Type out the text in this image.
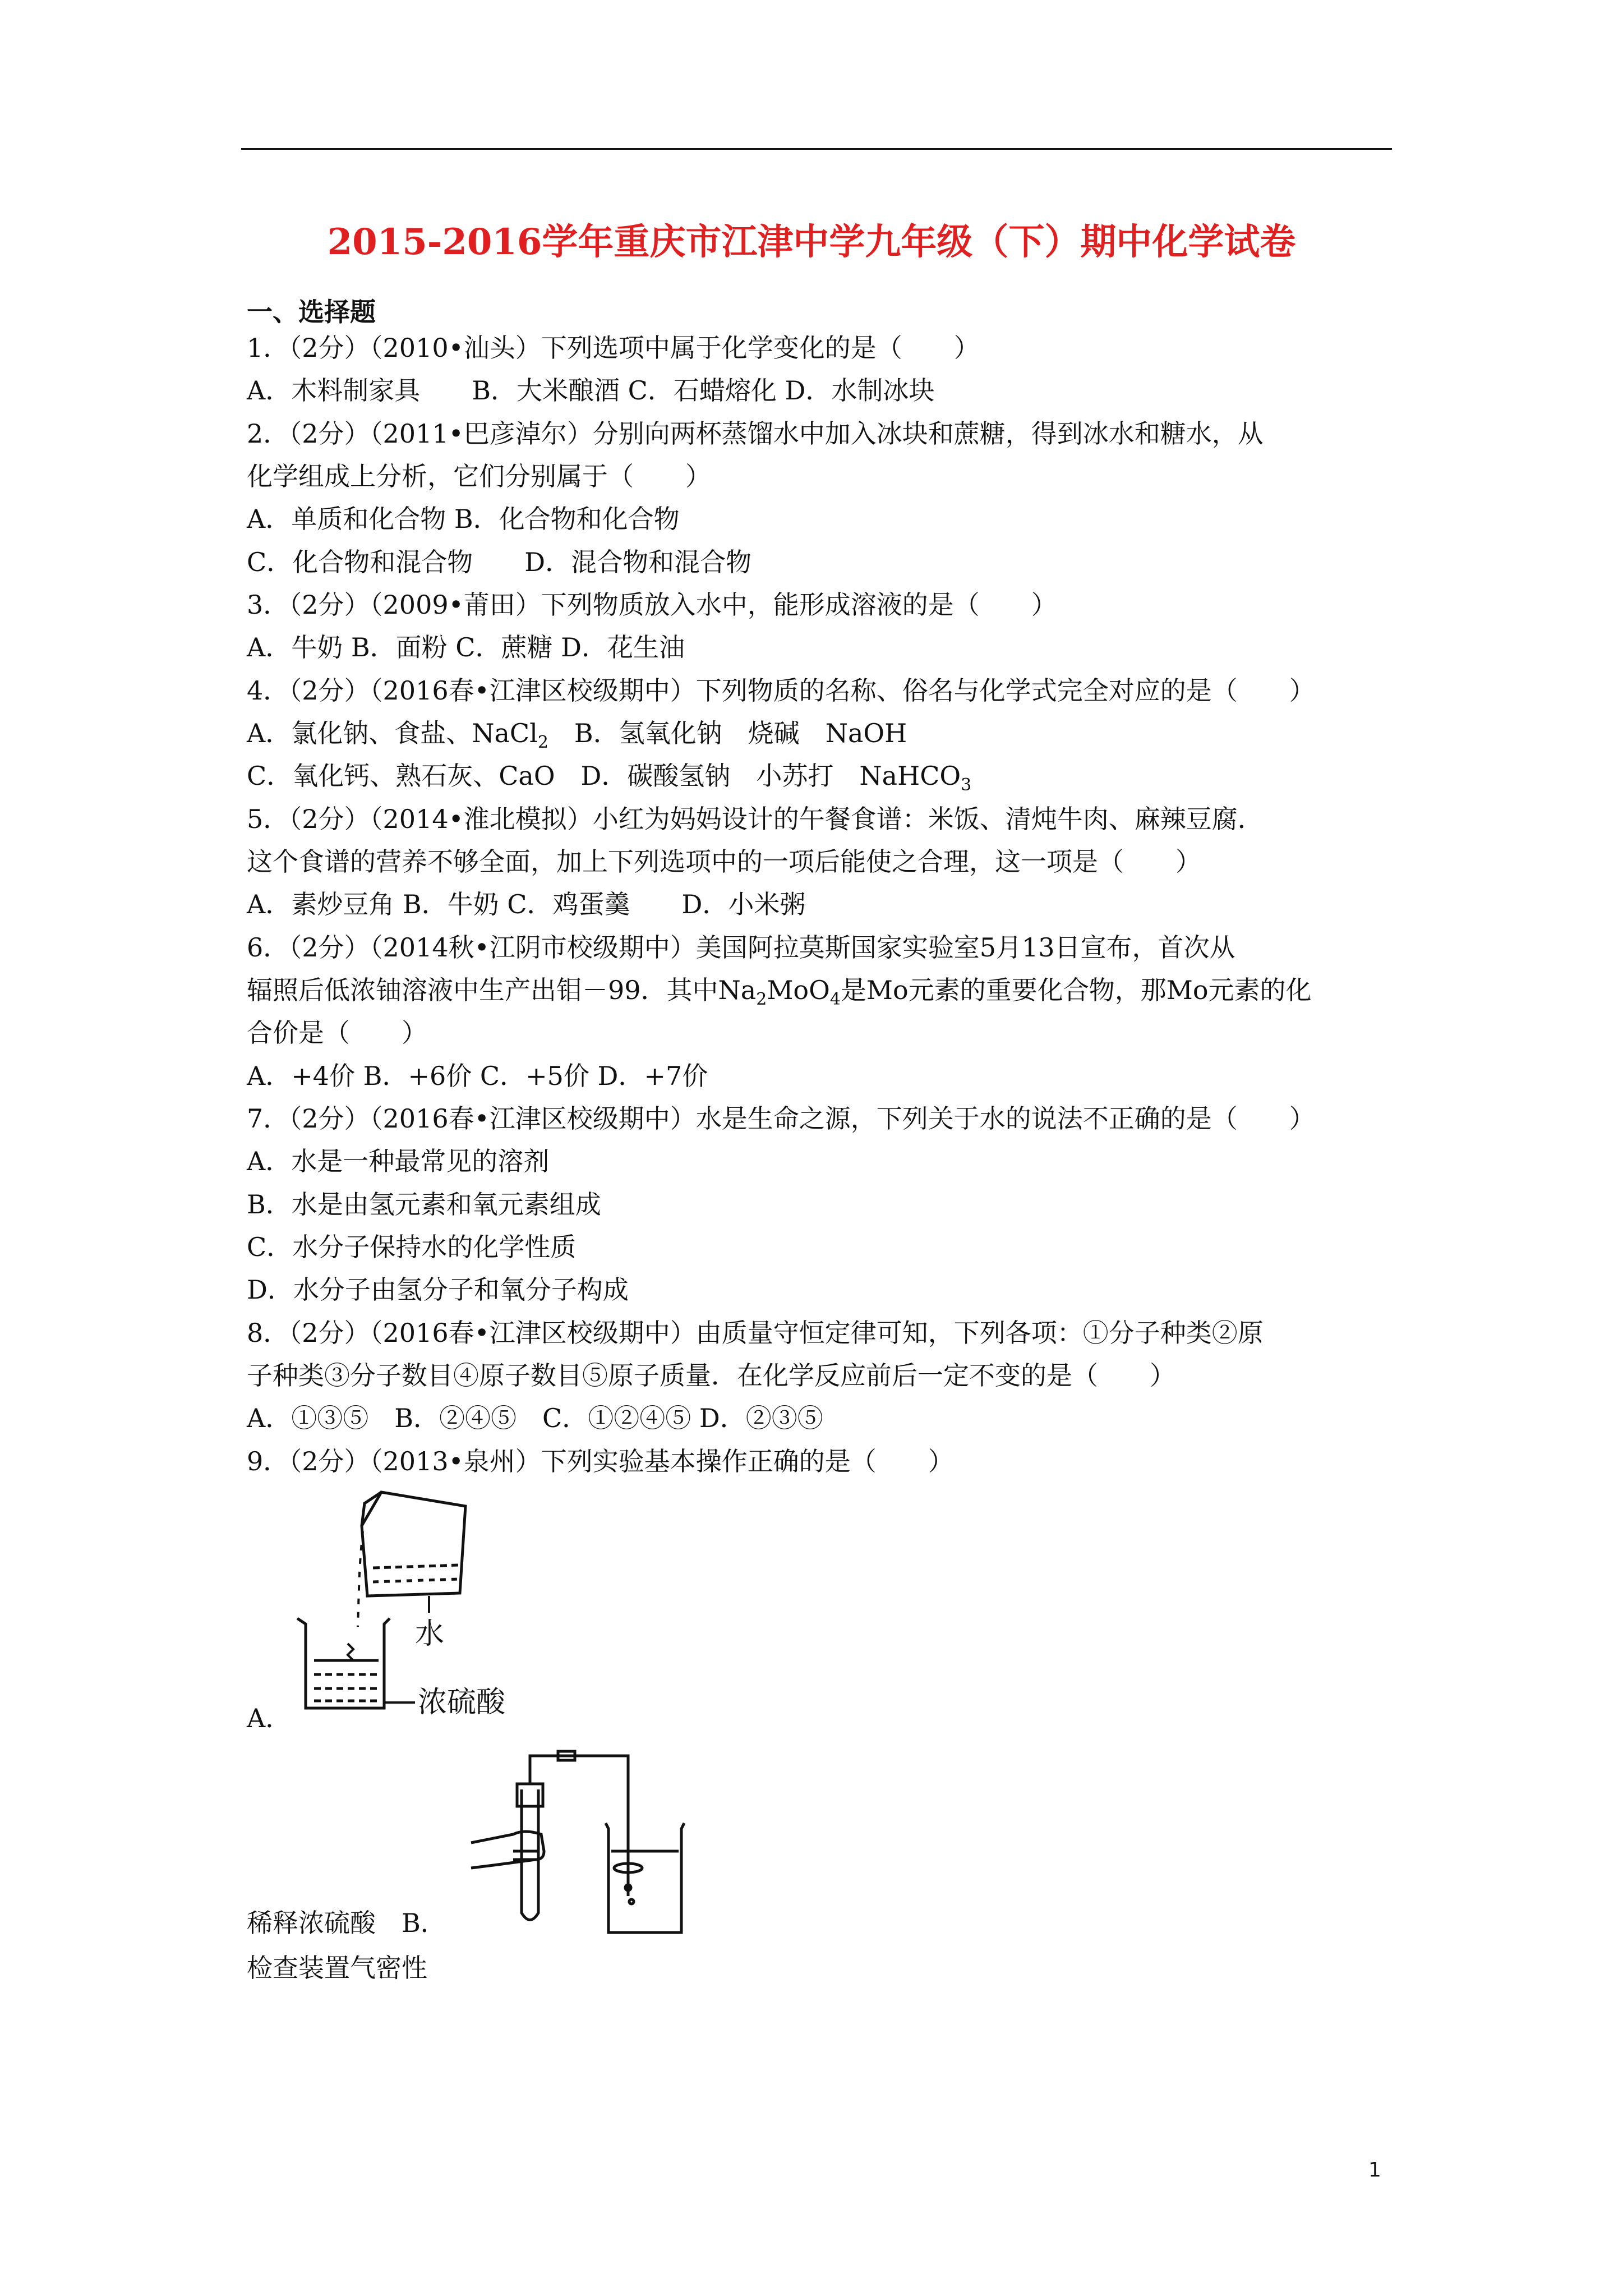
2015-2016学年重庆市江津中学九年级（下）期中化学试卷
一、选择题
1．（2分）（2010•汕头）下列选项中属于化学变化的是（　　）
A．木料制家具　　B．大米酿酒 C．石蜡熔化 D．水制冰块
2．（2分）（2011•巴彦淖尔）分别向两杯蒸馏水中加入冰块和蔗糖，得到冰水和糖水，从
化学组成上分析，它们分别属于（　　）
A．单质和化合物 B．化合物和化合物
C．化合物和混合物　　D．混合物和混合物
3．（2分）（2009•莆田）下列物质放入水中，能形成溶液的是（　　）
A．牛奶 B．面粉 C．蔗糖 D．花生油
4．（2分）（2016春•江津区校级期中）下列物质的名称、俗名与化学式完全对应的是（　　）
A．氯化钠、食盐、NaCl$_2$　B．氢氧化钠　烧碱　NaOH
C．氧化钙、熟石灰、CaO　D．碳酸氢钠　小苏打　NaHCO$_3$
5．（2分）（2014•淮北模拟）小红为妈妈设计的午餐食谱：米饭、清炖牛肉、麻辣豆腐．
这个食谱的营养不够全面，加上下列选项中的一项后能使之合理，这一项是（　　）
A．素炒豆角 B．牛奶 C．鸡蛋羹　　D．小米粥
6．（2分）（2014秋•江阴市校级期中）美国阿拉莫斯国家实验室5月13日宣布，首次从
辐照后低浓铀溶液中生产出钼－99．其中$Na_2MoO_4$是Mo元素的重要化合物，那Mo元素的化
合价是（　　）
A．+4价 B．+6价 C．+5价 D．+7价
7．（2分）（2016春•江津区校级期中）水是生命之源，下列关于水的说法不正确的是（　　）
A．水是一种最常见的溶剂
B．水是由氢元素和氧元素组成
C．水分子保持水的化学性质
D．水分子由氢分子和氧分子构成
8．（2分）（2016春•江津区校级期中）由质量守恒定律可知，下列各项：①分子种类②原
子种类③分子数目④原子数目⑤原子质量．在化学反应前后一定不变的是（　　）
A．①③⑤　B．②④⑤　C．①②④⑤ D．②③⑤
9．（2分）（2013•泉州）下列实验基本操作正确的是（　　）
水
浓硫酸
A．
稀释浓硫酸　 B．
检查装置气密性
1
